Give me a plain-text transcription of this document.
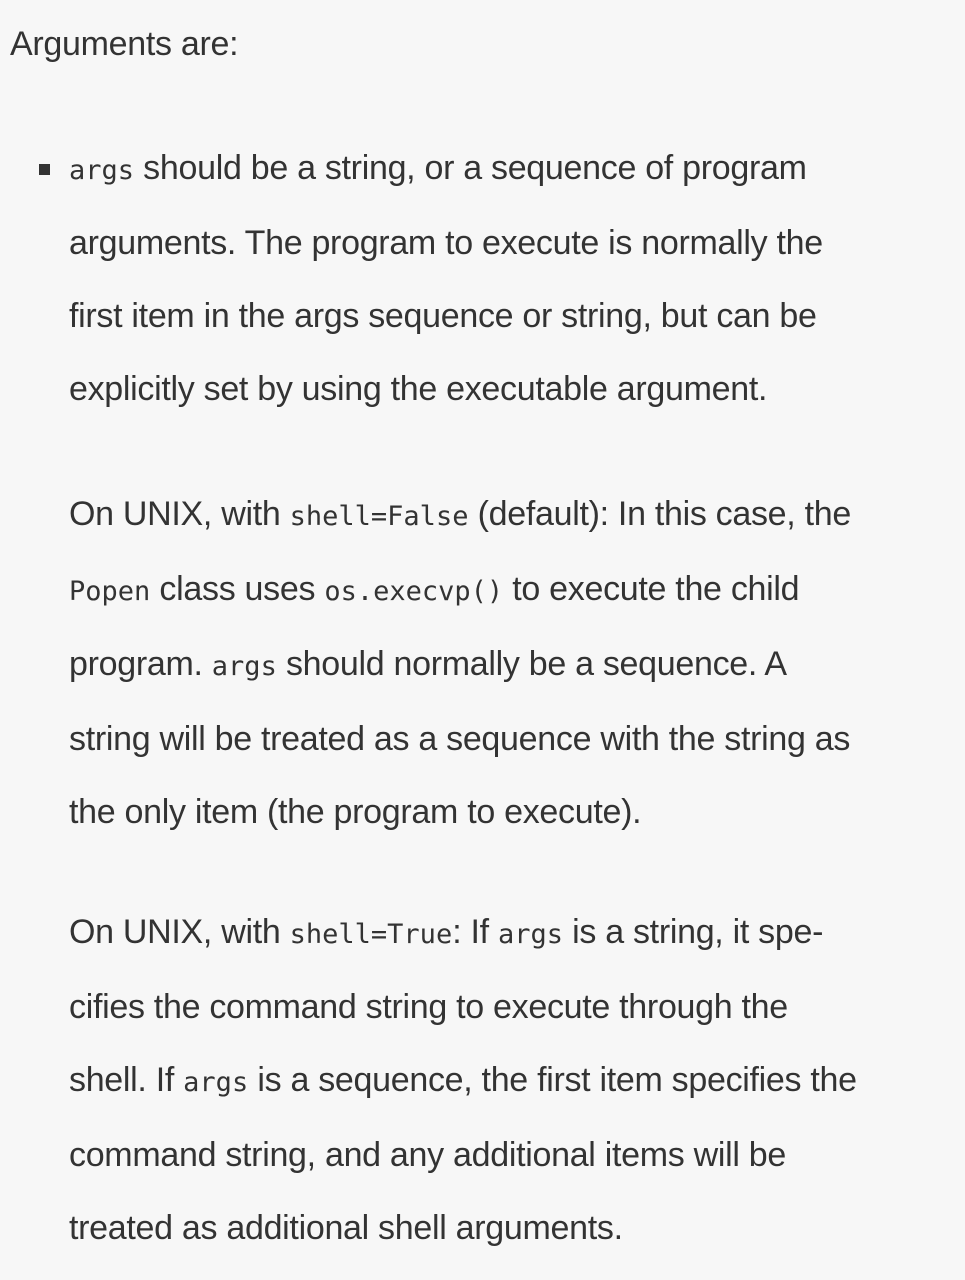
Arguments are:

args should be a string, or a sequence of program
arguments. The program to execute is normally the
first item in the args sequence or string, but can be
explicitly set by using the executable argument.

On UNIX, with shell=False (default): In this case, the
Popen class uses os.execvp() to execute the child
program. args should normally be a sequence. A
string will be treated as a sequence with the string as
the only item (the program to execute).

On UNIX, with shell=True: If args is a string, it spe-
cifies the command string to execute through the
shell. If args is a sequence, the first item specifies the
command string, and any additional items will be
treated as additional shell arguments.
